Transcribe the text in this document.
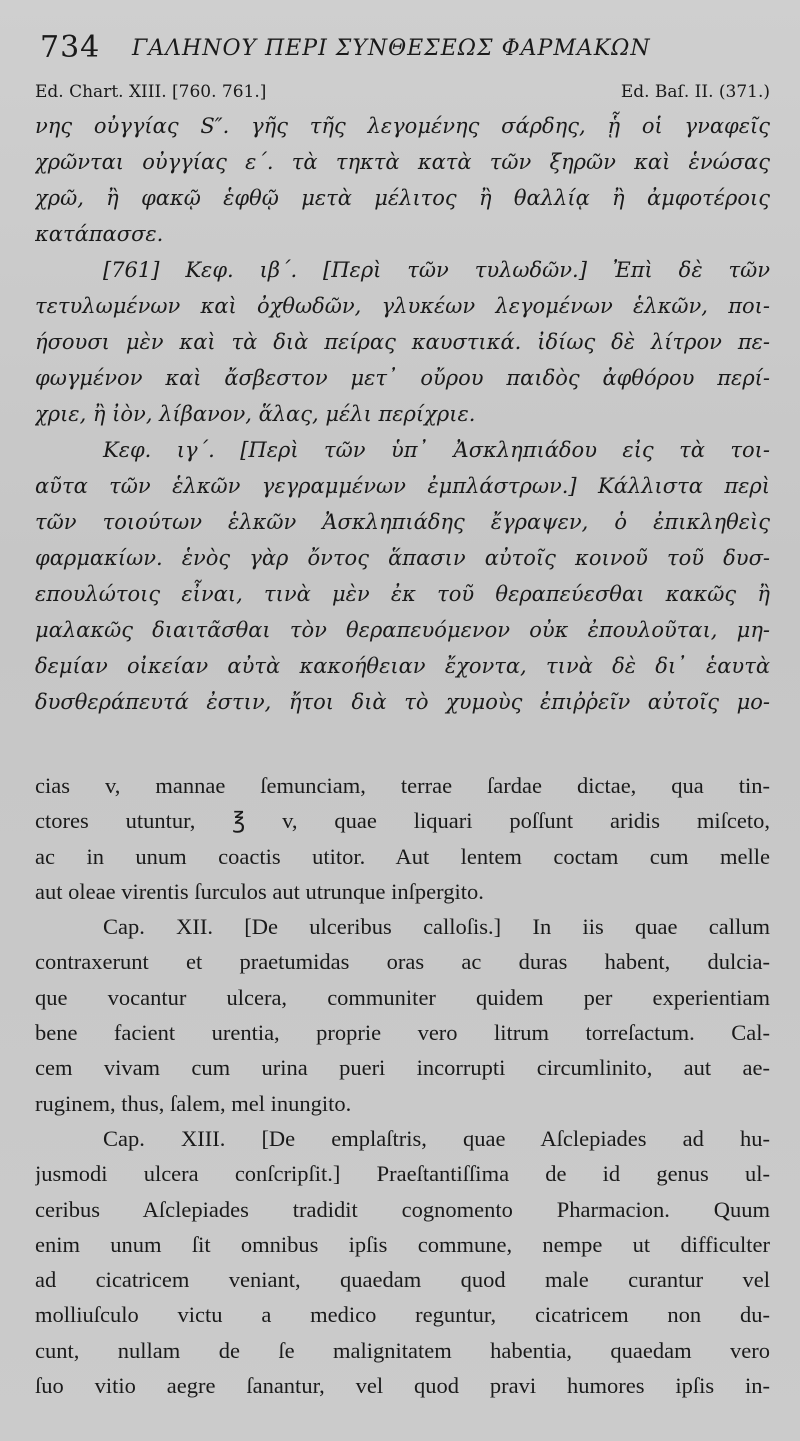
734 ΓΑΛΗΝΟΥ ΠΕΡΙ ΣΥΝΘΕΣΕΩΣ ΦΑΡΜΑΚΩΝ
Ed. Chart. XIII. [760. 761.]	Ed. Baſ. II. (371.)
νης οὐγγίας S″. γῆς τῆς λεγομένης σάρδης, ᾗ οἱ γναφεῖς
χρῶνται οὐγγίας ε΄. τὰ τηκτὰ κατὰ τῶν ξηρῶν καὶ ἑνώσας
χρῶ, ἢ φακῷ ἑφθῷ μετὰ μέλιτος ἢ θαλλίᾳ ἢ ἀμφοτέροις
κατάπασσε.
[761] Κεφ. ιβ΄. [Περὶ τῶν τυλωδῶν.] Ἐπὶ δὲ τῶν
τετυλωμένων καὶ ὀχθωδῶν, γλυκέων λεγομένων ἑλκῶν, ποι-
ήσουσι μὲν καὶ τὰ διὰ πείρας καυστικά. ἰδίως δὲ λίτρον πε-
φωγμένον καὶ ἄσβεστον μετ᾽ οὔρου παιδὸς ἀφθόρου περί-
χριε, ἢ ἰὸν, λίβανον, ἅλας, μέλι περίχριε.
Κεφ. ιγ΄. [Περὶ τῶν ὑπ᾽ Ἀσκληπιάδου εἰς τὰ τοι-
αῦτα τῶν ἑλκῶν γεγραμμένων ἐμπλάστρων.] Κάλλιστα περὶ
τῶν τοιούτων ἑλκῶν Ἀσκληπιάδης ἔγραψεν, ὁ ἐπικληθεὶς
φαρμακίων. ἑνὸς γὰρ ὄντος ἅπασιν αὐτοῖς κοινοῦ τοῦ δυσ-
επουλώτοις εἶναι, τινὰ μὲν ἐκ τοῦ θεραπεύεσθαι κακῶς ἢ
μαλακῶς διαιτᾶσθαι τὸν θεραπευόμενον οὐκ ἐπουλοῦται, μη-
δεμίαν οἰκείαν αὐτὰ κακοήθειαν ἔχοντα, τινὰ δὲ δι᾽ ἑαυτὰ
δυσθεράπευτά ἐστιν, ἤτοι διὰ τὸ χυμοὺς ἐπιῤῥεῖν αὐτοῖς μο-
cias v, mannae ſemunciam, terrae ſardae dictae, qua tin-
ctores utuntur, ℥ v, quae liquari poſſunt aridis miſceto,
ac in unum coactis utitor. Aut lentem coctam cum melle
aut oleae virentis ſurculos aut utrunque inſpergito.
Cap. XII. [De ulceribus calloſis.] In iis quae callum
contraxerunt et praetumidas oras ac duras habent, dulcia-
que vocantur ulcera, communiter quidem per experientiam
bene facient urentia, proprie vero litrum torreſactum. Cal-
cem vivam cum urina pueri incorrupti circumlinito, aut ae-
ruginem, thus, ſalem, mel inungito.
Cap. XIII. [De emplaſtris, quae Aſclepiades ad hu-
jusmodi ulcera conſcripſit.] Praeſtantiſſima de id genus ul-
ceribus Aſclepiades tradidit cognomento Pharmacion. Quum
enim unum ſit omnibus ipſis commune, nempe ut difficulter
ad cicatricem veniant, quaedam quod male curantur vel
molliuſculo victu a medico reguntur, cicatricem non du-
cunt, nullam de ſe malignitatem habentia, quaedam vero
ſuo vitio aegre ſanantur, vel quod pravi humores ipſis in-
